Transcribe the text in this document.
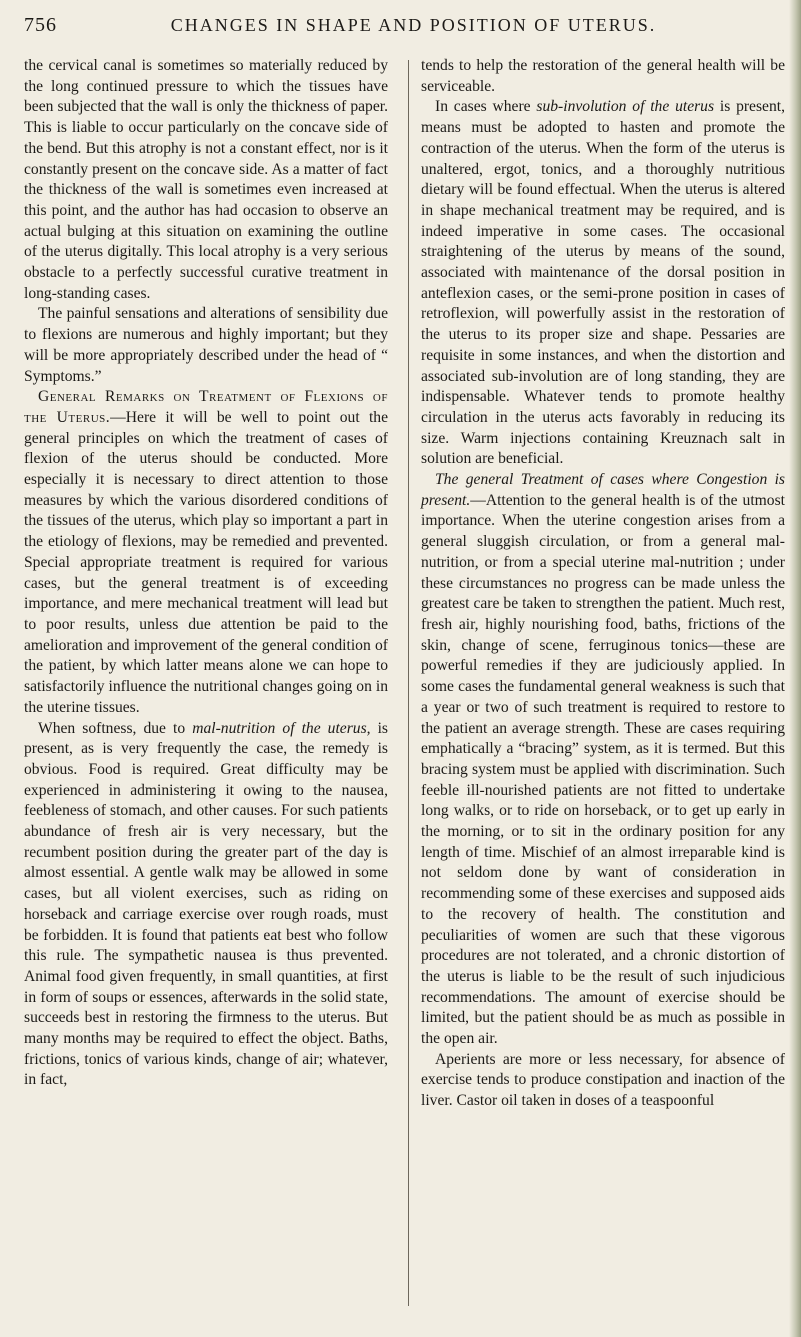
756	CHANGES IN SHAPE AND POSITION OF UTERUS.

the cervical canal is sometimes so materially reduced by the long continued pressure to which the tissues have been subjected that the wall is only the thickness of paper. This is liable to occur particularly on the concave side of the bend. But this atrophy is not a constant effect, nor is it constantly present on the concave side. As a matter of fact the thickness of the wall is sometimes even increased at this point, and the author has had occasion to observe an actual bulging at this situation on examining the outline of the uterus digitally. This local atrophy is a very serious obstacle to a perfectly successful curative treatment in long-standing cases.

The painful sensations and alterations of sensibility due to flexions are numerous and highly important; but they will be more appropriately described under the head of “ Symptoms.”

General Remarks on Treatment of Flexions of the Uterus.—Here it will be well to point out the general principles on which the treatment of cases of flexion of the uterus should be conducted. More especially it is necessary to direct attention to those measures by which the various disordered conditions of the tissues of the uterus, which play so important a part in the etiology of flexions, may be remedied and prevented. Special appropriate treatment is required for various cases, but the general treatment is of exceeding importance, and mere mechanical treatment will lead but to poor results, unless due attention be paid to the amelioration and improvement of the general condition of the patient, by which latter means alone we can hope to satisfactorily influence the nutritional changes going on in the uterine tissues.

When softness, due to mal-nutrition of the uterus, is present, as is very frequently the case, the remedy is obvious. Food is required. Great difficulty may be experienced in administering it owing to the nausea, feebleness of stomach, and other causes. For such patients abundance of fresh air is very necessary, but the recumbent position during the greater part of the day is almost essential. A gentle walk may be allowed in some cases, but all violent exercises, such as riding on horseback and carriage exercise over rough roads, must be forbidden. It is found that patients eat best who follow this rule. The sympathetic nausea is thus prevented. Animal food given frequently, in small quantities, at first in form of soups or essences, afterwards in the solid state, succeeds best in restoring the firmness to the uterus. But many months may be required to effect the object. Baths, frictions, tonics of various kinds, change of air; whatever, in fact,

tends to help the restoration of the general health will be serviceable.

In cases where sub-involution of the uterus is present, means must be adopted to hasten and promote the contraction of the uterus. When the form of the uterus is unaltered, ergot, tonics, and a thoroughly nutritious dietary will be found effectual. When the uterus is altered in shape mechanical treatment may be required, and is indeed imperative in some cases. The occasional straightening of the uterus by means of the sound, associated with maintenance of the dorsal position in anteflexion cases, or the semi-prone position in cases of retroflexion, will powerfully assist in the restoration of the uterus to its proper size and shape. Pessaries are requisite in some instances, and when the distortion and associated sub-involution are of long standing, they are indispensable. Whatever tends to promote healthy circulation in the uterus acts favorably in reducing its size. Warm injections containing Kreuznach salt in solution are beneficial.

The general Treatment of cases where Congestion is present.—Attention to the general health is of the utmost importance. When the uterine congestion arises from a general sluggish circulation, or from a general mal-nutrition, or from a special uterine mal-nutrition ; under these circumstances no progress can be made unless the greatest care be taken to strengthen the patient. Much rest, fresh air, highly nourishing food, baths, frictions of the skin, change of scene, ferruginous tonics—these are powerful remedies if they are judiciously applied. In some cases the fundamental general weakness is such that a year or two of such treatment is required to restore to the patient an average strength. These are cases requiring emphatically a “bracing” system, as it is termed. But this bracing system must be applied with discrimination. Such feeble ill-nourished patients are not fitted to undertake long walks, or to ride on horseback, or to get up early in the morning, or to sit in the ordinary position for any length of time. Mischief of an almost irreparable kind is not seldom done by want of consideration in recommending some of these exercises and supposed aids to the recovery of health. The constitution and peculiarities of women are such that these vigorous procedures are not tolerated, and a chronic distortion of the uterus is liable to be the result of such injudicious recommendations. The amount of exercise should be limited, but the patient should be as much as possible in the open air.

Aperients are more or less necessary, for absence of exercise tends to produce constipation and inaction of the liver. Castor oil taken in doses of a teaspoonful
